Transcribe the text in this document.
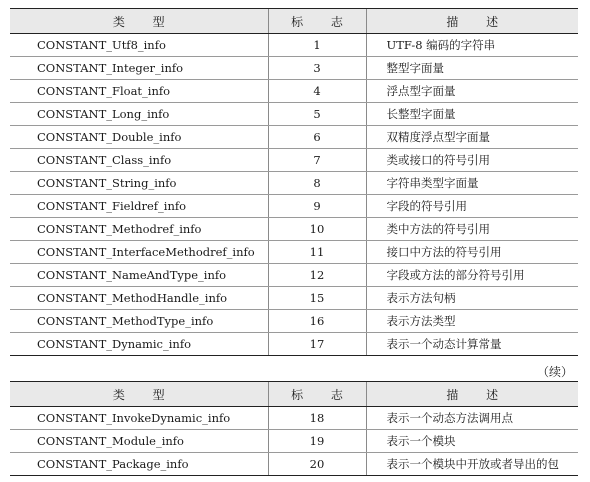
类 型	标 志	描 述
CONSTANT_Utf8_info	1	UTF-8 编码的字符串
CONSTANT_Integer_info	3	整型字面量
CONSTANT_Float_info	4	浮点型字面量
CONSTANT_Long_info	5	长整型字面量
CONSTANT_Double_info	6	双精度浮点型字面量
CONSTANT_Class_info	7	类或接口的符号引用
CONSTANT_String_info	8	字符串类型字面量
CONSTANT_Fieldref_info	9	字段的符号引用
CONSTANT_Methodref_info	10	类中方法的符号引用
CONSTANT_InterfaceMethodref_info	11	接口中方法的符号引用
CONSTANT_NameAndType_info	12	字段或方法的部分符号引用
CONSTANT_MethodHandle_info	15	表示方法句柄
CONSTANT_MethodType_info	16	表示方法类型
CONSTANT_Dynamic_info	17	表示一个动态计算常量
（续）
类 型	标 志	描 述
CONSTANT_InvokeDynamic_info	18	表示一个动态方法调用点
CONSTANT_Module_info	19	表示一个模块
CONSTANT_Package_info	20	表示一个模块中开放或者导出的包
